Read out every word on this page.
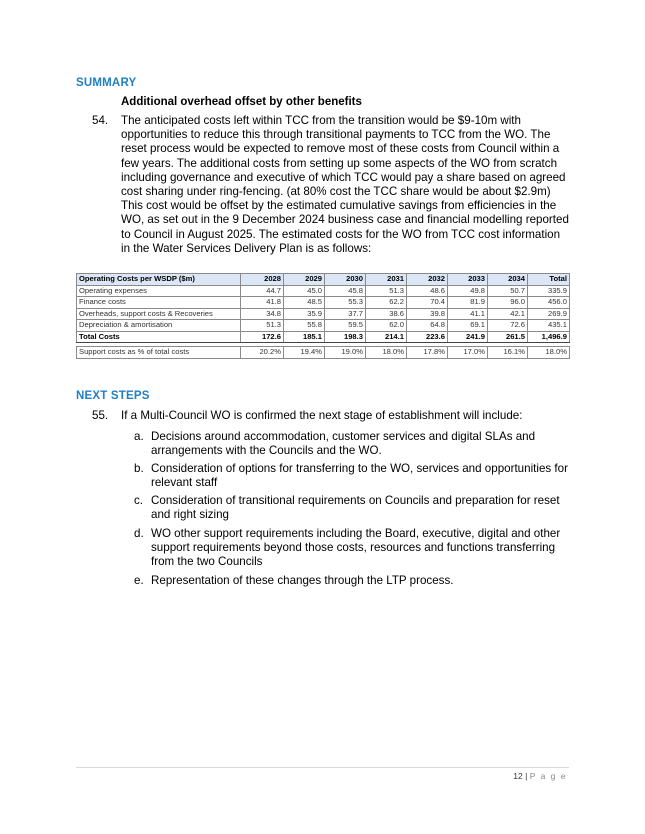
SUMMARY
Additional overhead offset by other benefits
54. The anticipated costs left within TCC from the transition would be $9-10m with opportunities to reduce this through transitional payments to TCC from the WO. The reset process would be expected to remove most of these costs from Council within a few years. The additional costs from setting up some aspects of the WO from scratch including governance and executive of which TCC would pay a share based on agreed cost sharing under ring-fencing. (at 80% cost the TCC share would be about $2.9m) This cost would be offset by the estimated cumulative savings from efficiencies in the WO, as set out in the 9 December 2024 business case and financial modelling reported to Council in August 2025. The estimated costs for the WO from TCC cost information in the Water Services Delivery Plan is as follows:
Operating Costs per WSDP ($m)	2028	2029	2030	2031	2032	2033	2034	Total
Operating expenses	44.7	45.0	45.8	51.3	48.6	49.8	50.7	335.9
Finance costs	41.8	48.5	55.3	62.2	70.4	81.9	96.0	456.0
Overheads, support costs & Recoveries	34.8	35.9	37.7	38.6	39.8	41.1	42.1	269.9
Depreciation & amortisation	51.3	55.8	59.5	62.0	64.8	69.1	72.6	435.1
Total Costs	172.6	185.1	198.3	214.1	223.6	241.9	261.5	1,496.9

Support costs as % of total costs	20.2%	19.4%	19.0%	18.0%	17.8%	17.0%	16.1%	18.0%
NEXT STEPS
55. If a Multi-Council WO is confirmed the next stage of establishment will include:
a. Decisions around accommodation, customer services and digital SLAs and arrangements with the Councils and the WO.
b. Consideration of options for transferring to the WO, services and opportunities for relevant staff
c. Consideration of transitional requirements on Councils and preparation for reset and right sizing
d. WO other support requirements including the Board, executive, digital and other support requirements beyond those costs, resources and functions transferring from the two Councils
e. Representation of these changes through the LTP process.
12 | P a g e
